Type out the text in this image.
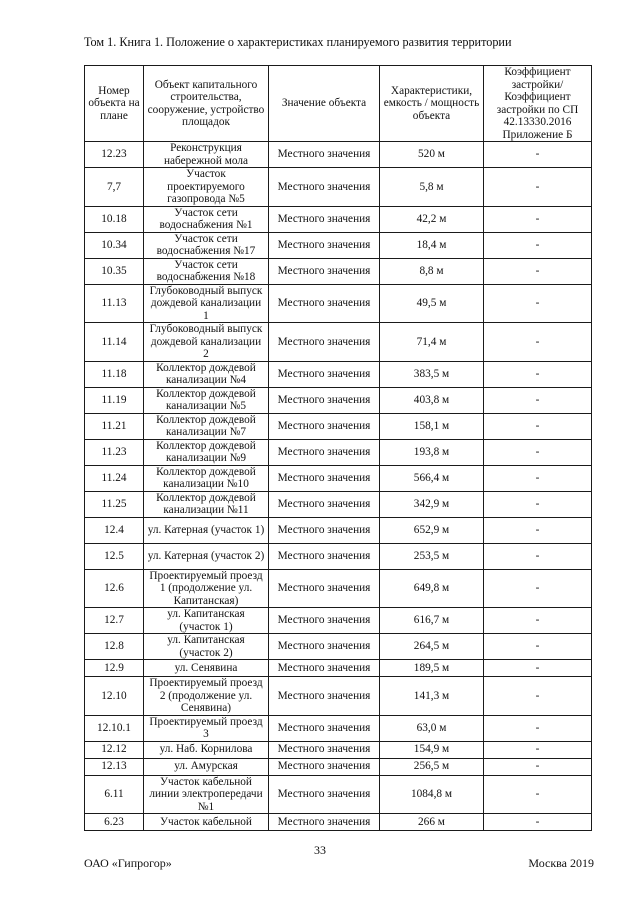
Том 1. Книга 1. Положение о характеристиках планируемого развития территории
Номер объекта на плане	Объект капитального строительства, сооружение, устройство площадок	Значение объекта	Характеристики, емкость / мощность объекта	Коэффициент застройки/Коэффициент застройки по СП 42.13330.2016 Приложение Б
12.23	Реконструкция набережной мола	Местного значения	520 м	-
7,7	Участок проектируемого газопровода №5	Местного значения	5,8 м	-
10.18	Участок сети водоснабжения №1	Местного значения	42,2 м	-
10.34	Участок сети водоснабжения №17	Местного значения	18,4 м	-
10.35	Участок сети водоснабжения №18	Местного значения	8,8 м	-
11.13	Глубоководный выпуск дождевой канализации 1	Местного значения	49,5 м	-
11.14	Глубоководный выпуск дождевой канализации 2	Местного значения	71,4 м	-
11.18	Коллектор дождевой канализации №4	Местного значения	383,5 м	-
11.19	Коллектор дождевой канализации №5	Местного значения	403,8 м	-
11.21	Коллектор дождевой канализации №7	Местного значения	158,1 м	-
11.23	Коллектор дождевой канализации №9	Местного значения	193,8 м	-
11.24	Коллектор дождевой канализации №10	Местного значения	566,4 м	-
11.25	Коллектор дождевой канализации №11	Местного значения	342,9 м	-
12.4	ул. Катерная (участок 1)	Местного значения	652,9 м	-
12.5	ул. Катерная (участок 2)	Местного значения	253,5 м	-
12.6	Проектируемый проезд 1 (продолжение ул. Капитанская)	Местного значения	649,8 м	-
12.7	ул. Капитанская (участок 1)	Местного значения	616,7 м	-
12.8	ул. Капитанская (участок 2)	Местного значения	264,5 м	-
12.9	ул. Сенявина	Местного значения	189,5 м	-
12.10	Проектируемый проезд 2 (продолжение ул. Сенявина)	Местного значения	141,3 м	-
12.10.1	Проектируемый проезд 3	Местного значения	63,0 м	-
12.12	ул. Наб. Корнилова	Местного значения	154,9 м	-
12.13	ул. Амурская	Местного значения	256,5 м	-
6.11	Участок кабельной линии электропередачи №1	Местного значения	1084,8 м	-
6.23	Участок кабельной	Местного значения	266 м	-
33
ОАО «Гипрогор»	Москва 2019
